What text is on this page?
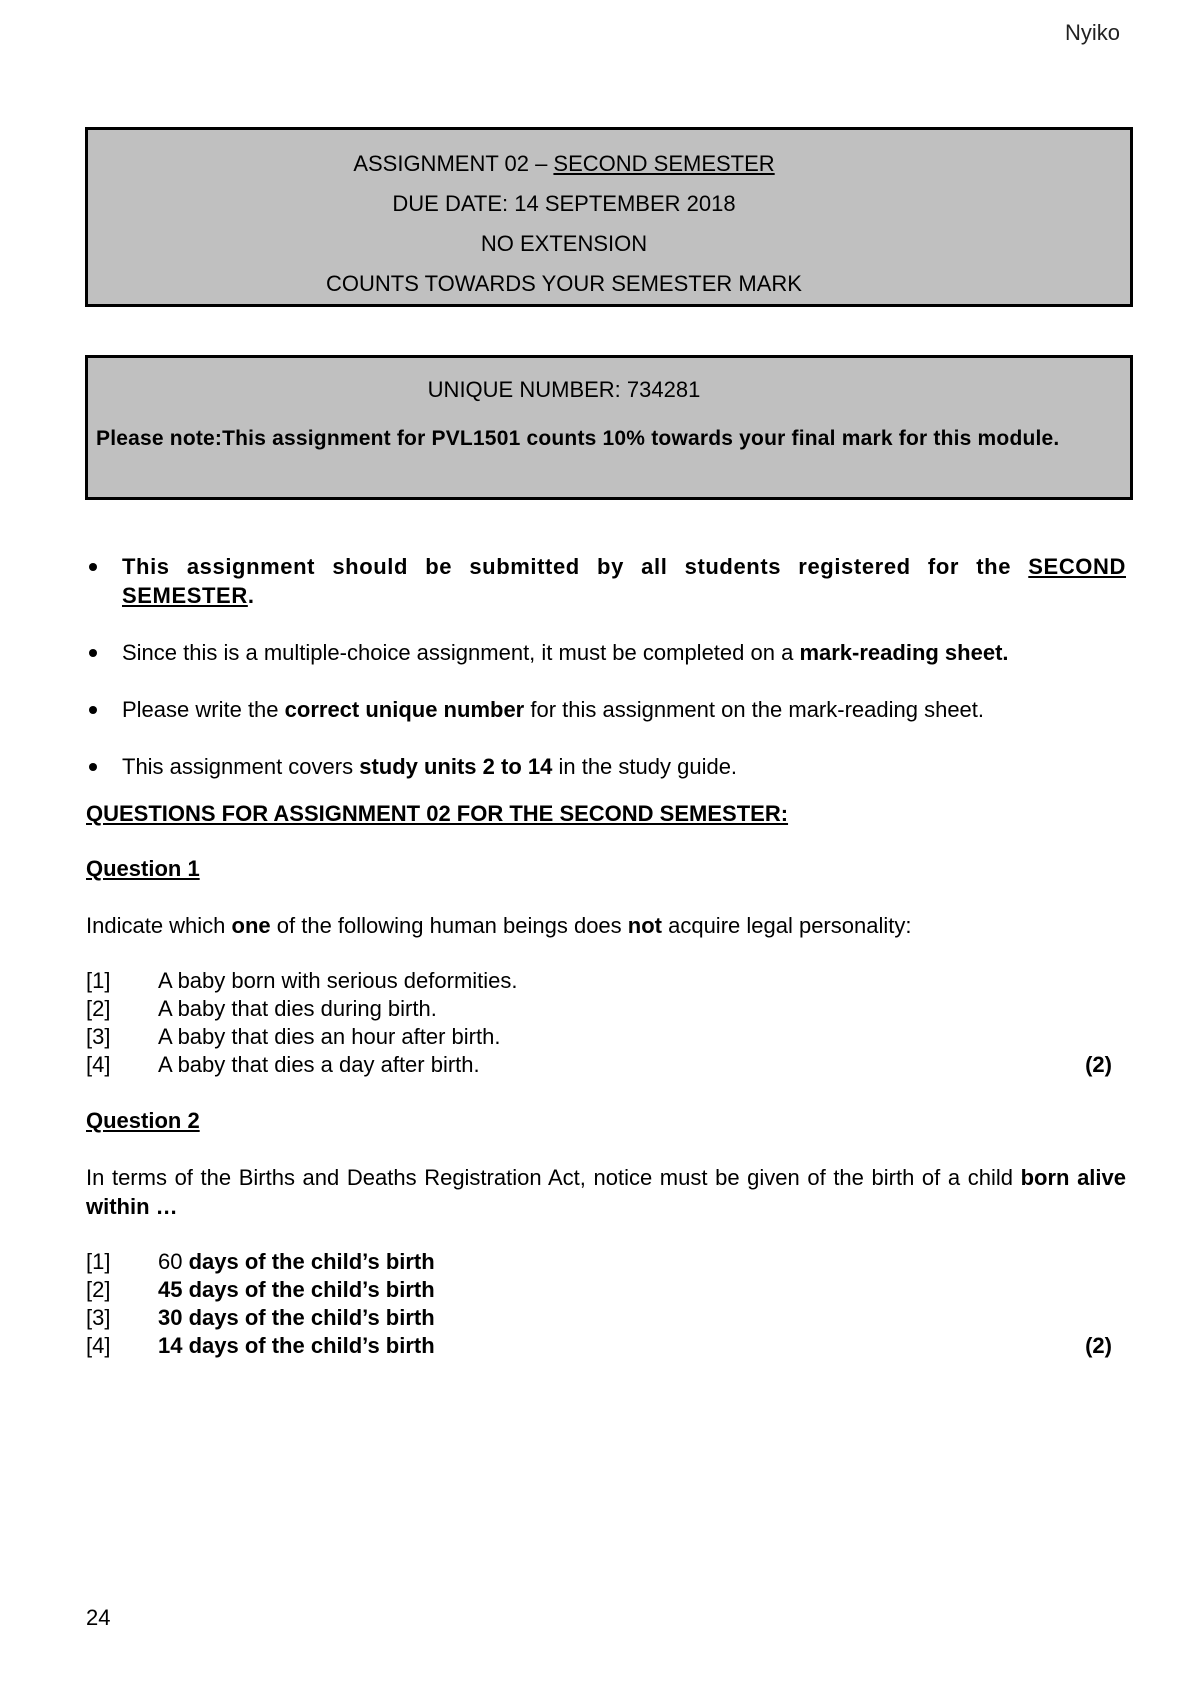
Nyiko
ASSIGNMENT 02 – SECOND SEMESTER
DUE DATE: 14 SEPTEMBER 2018
NO EXTENSION
COUNTS TOWARDS YOUR SEMESTER MARK
UNIQUE NUMBER: 734281
Please note: This assignment for PVL1501 counts 10% towards your final mark for this module.
This assignment should be submitted by all students registered for the SECOND SEMESTER.
Since this is a multiple-choice assignment, it must be completed on a mark-reading sheet.
Please write the correct unique number for this assignment on the mark-reading sheet.
This assignment covers study units 2 to 14 in the study guide.
QUESTIONS FOR ASSIGNMENT 02 FOR THE SECOND SEMESTER:
Question 1
Indicate which one of the following human beings does not acquire legal personality:
[1]	A baby born with serious deformities.
[2]	A baby that dies during birth.
[3]	A baby that dies an hour after birth.
[4]	A baby that dies a day after birth.	(2)
Question 2
In terms of the Births and Deaths Registration Act, notice must be given of the birth of a child born alive within …
[1]	60 days of the child’s birth
[2]	45 days of the child’s birth
[3]	30 days of the child’s birth
[4]	14 days of the child’s birth	(2)
24
